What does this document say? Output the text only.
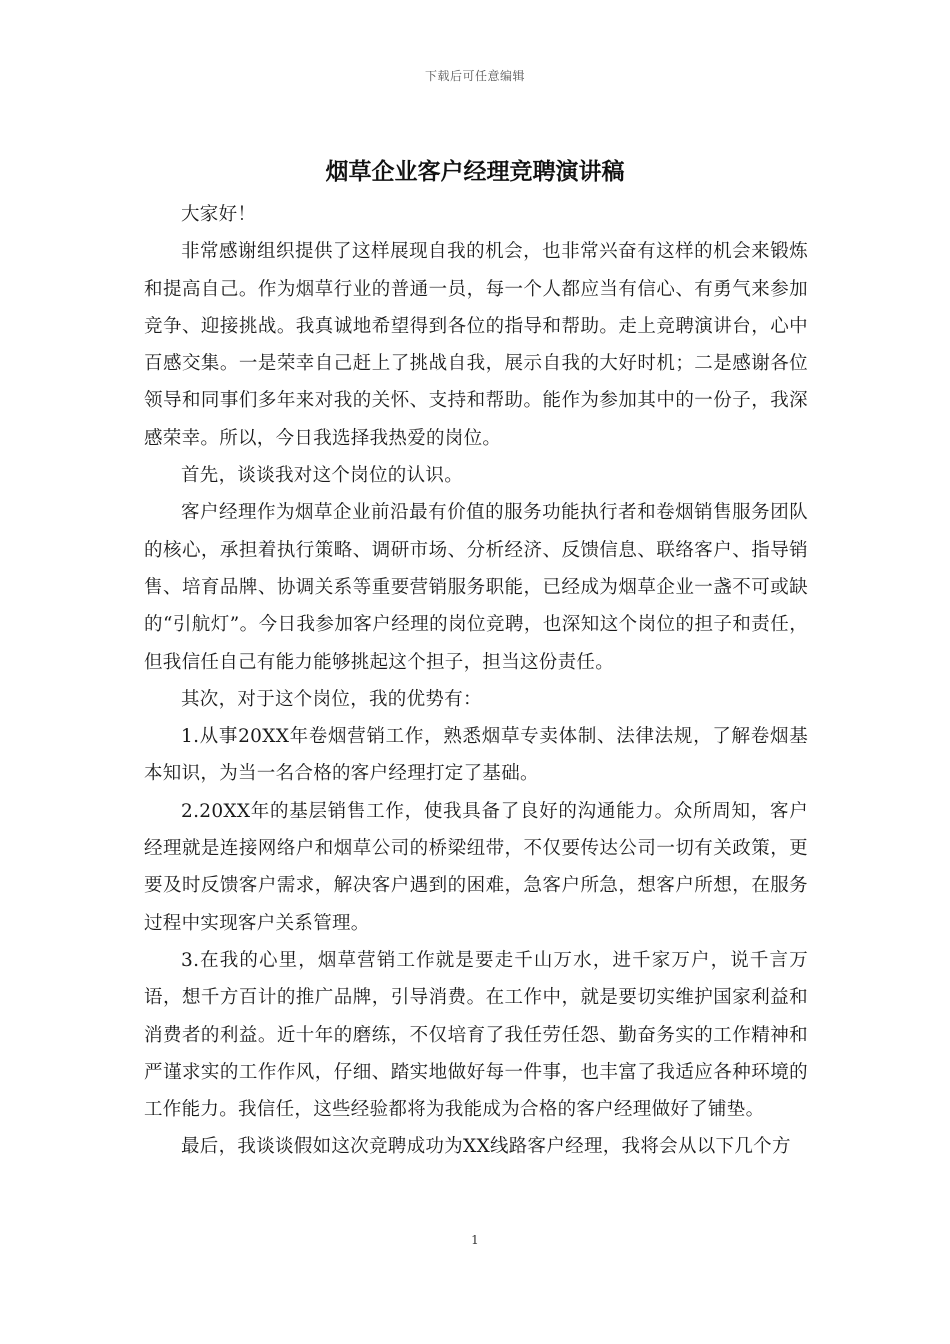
下载后可任意编辑
烟草企业客户经理竞聘演讲稿

大家好！

非常感谢组织提供了这样展现自我的机会，也非常兴奋有这样的机会来锻炼和提高自己。作为烟草行业的普通一员，每一个人都应当有信心、有勇气来参加竞争、迎接挑战。我真诚地希望得到各位的指导和帮助。走上竞聘演讲台，心中百感交集。一是荣幸自己赶上了挑战自我，展示自我的大好时机；二是感谢各位领导和同事们多年来对我的关怀、支持和帮助。能作为参加其中的一份子，我深感荣幸。所以，今日我选择我热爱的岗位。

首先，谈谈我对这个岗位的认识。

客户经理作为烟草企业前沿最有价值的服务功能执行者和卷烟销售服务团队的核心，承担着执行策略、调研市场、分析经济、反馈信息、联络客户、指导销售、培育品牌、协调关系等重要营销服务职能，已经成为烟草企业一盏不可或缺的“引航灯”。今日我参加客户经理的岗位竞聘，也深知这个岗位的担子和责任，但我信任自己有能力能够挑起这个担子，担当这份责任。

其次，对于这个岗位，我的优势有：

1.从事20XX年卷烟营销工作，熟悉烟草专卖体制、法律法规，了解卷烟基本知识，为当一名合格的客户经理打定了基础。

2.20XX年的基层销售工作，使我具备了良好的沟通能力。众所周知，客户经理就是连接网络户和烟草公司的桥梁纽带，不仅要传达公司一切有关政策，更要及时反馈客户需求，解决客户遇到的困难，急客户所急，想客户所想，在服务过程中实现客户关系管理。

3.在我的心里，烟草营销工作就是要走千山万水，进千家万户，说千言万语，想千方百计的推广品牌，引导消费。在工作中，就是要切实维护国家利益和消费者的利益。近十年的磨练，不仅培育了我任劳任怨、勤奋务实的工作精神和严谨求实的工作作风，仔细、踏实地做好每一件事，也丰富了我适应各种环境的工作能力。我信任，这些经验都将为我能成为合格的客户经理做好了铺垫。

最后，我谈谈假如这次竞聘成功为XX线路客户经理，我将会从以下几个方

1
